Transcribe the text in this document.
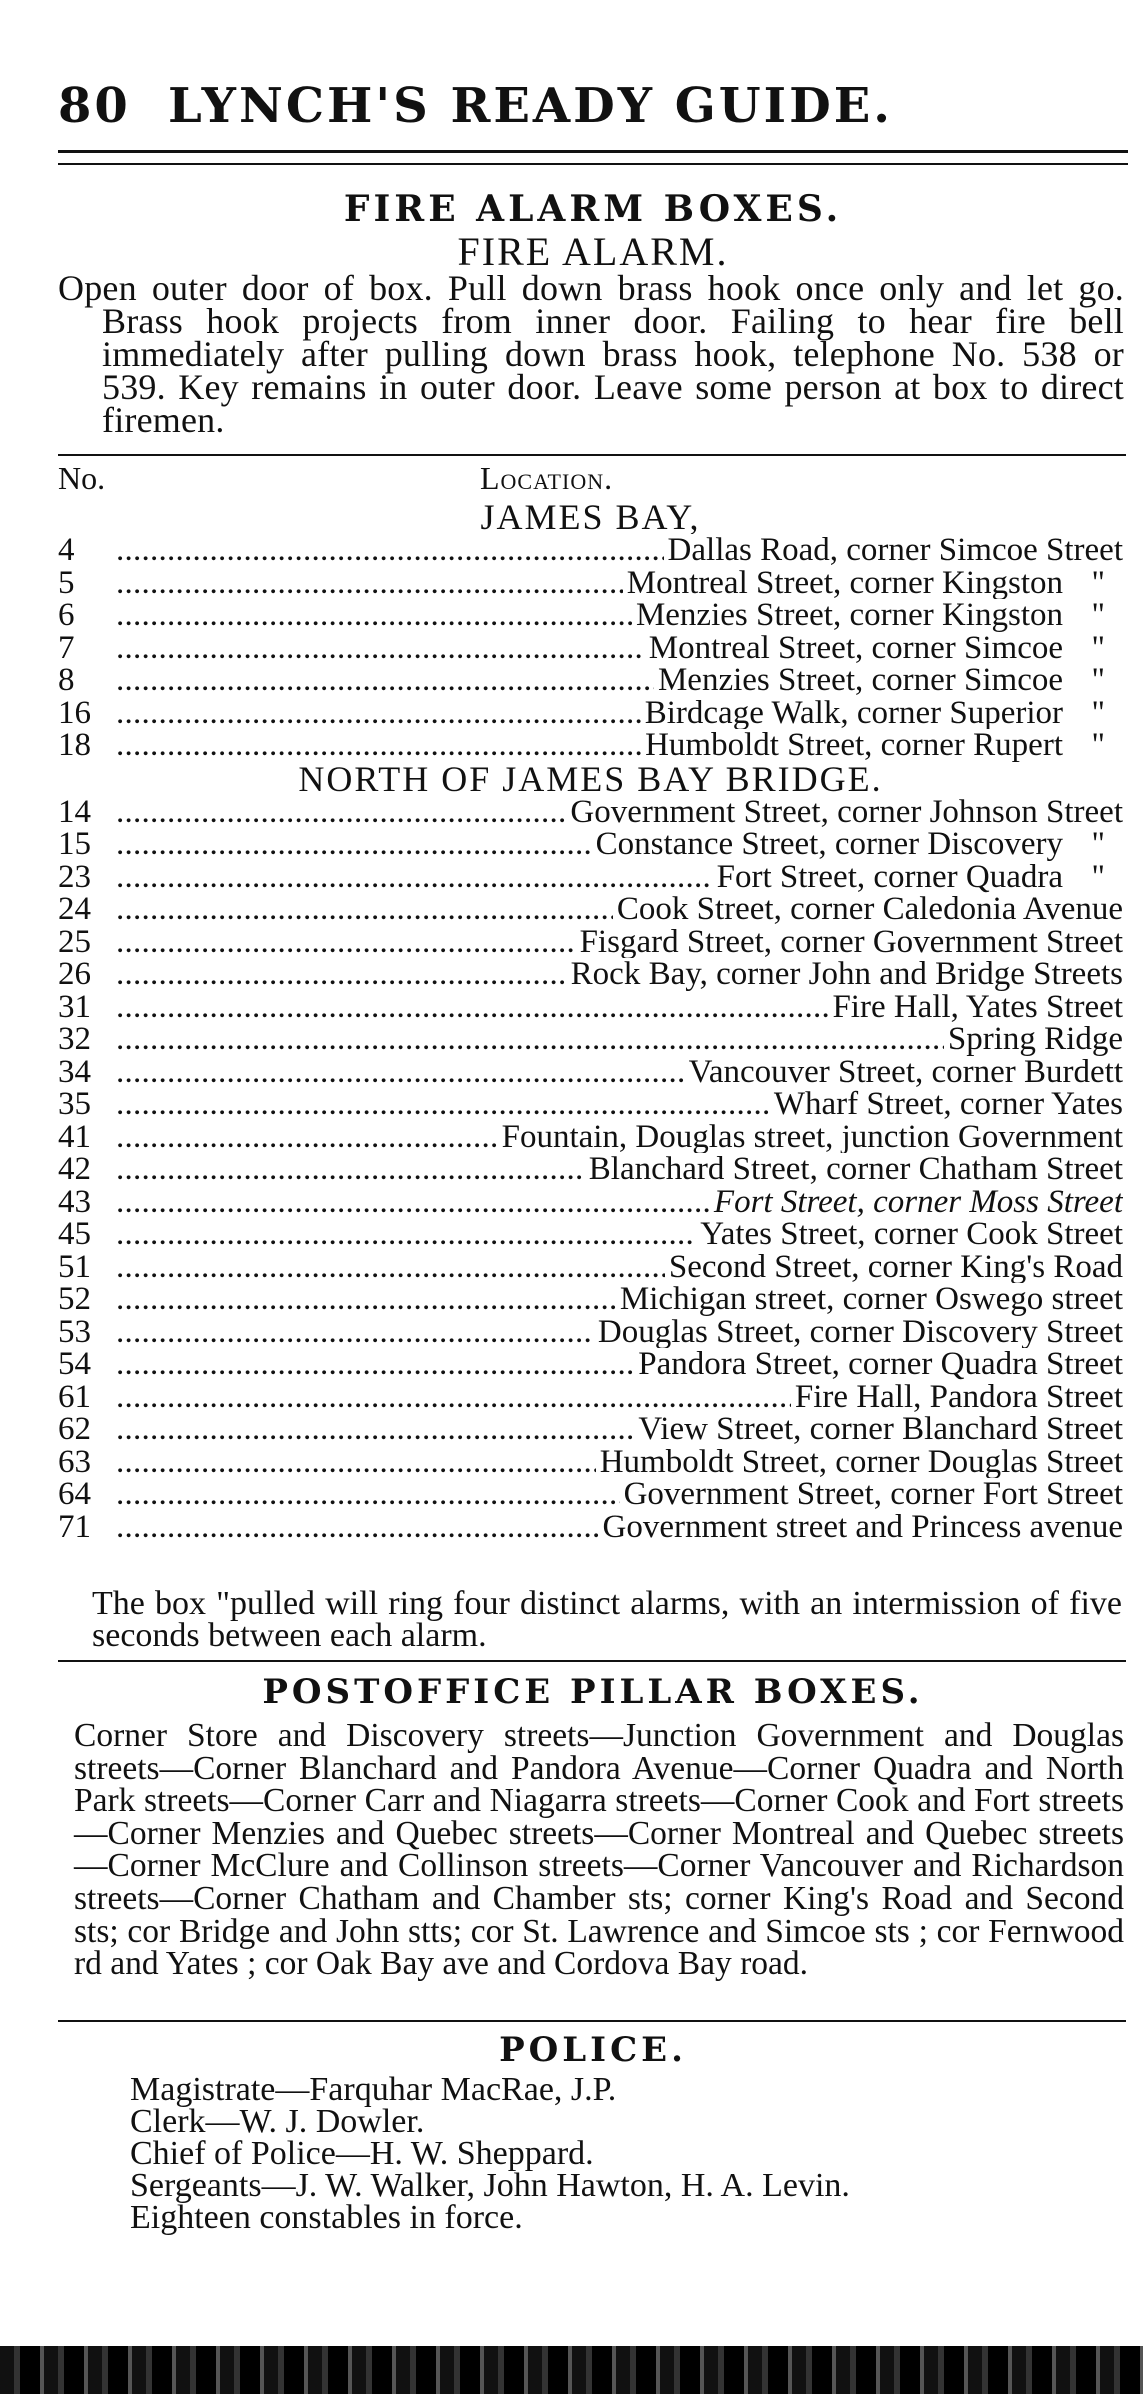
80 LYNCH'S READY GUIDE.
FIRE ALARM BOXES.
FIRE ALARM.
Open outer door of box. Pull down brass hook once only and let go. Brass hook projects from inner door. Failing to hear fire bell immediately after pulling down brass hook, telephone No. 538 or 539. Key remains in outer door. Leave some person at box to direct firemen.
No.	Location.
JAMES BAY,
4 . . .	Dallas Road, corner Simcoe Street
5 . . .	Montreal Street, corner Kingston "
6 . . .	Menzies Street, corner Kingston "
7 . . .	Montreal Street, corner Simcoe "
8 . . .	Menzies Street, corner Simcoe "
16 . . .	Birdcage Walk, corner Superior "
18 . . .	Humboldt Street, corner Rupert "
NORTH OF JAMES BAY BRIDGE.
14 . . .	Government Street, corner Johnson Street
15 . . .	Constance Street, corner Discovery "
23 . . .	Fort Street, corner Quadra "
24 . . .	Cook Street, corner Caledonia Avenue
25 . . .	Fisgard Street, corner Government Street
26 . . .	Rock Bay, corner John and Bridge Streets
31 . . .	Fire Hall, Yates Street
32 . . .	Spring Ridge
34 . . .	Vancouver Street, corner Burdett
35 . . .	Wharf Street, corner Yates
41 . . .	Fountain, Douglas street, junction Government
42 . . .	Blanchard Street, corner Chatham Street
43 . . .	Fort Street, corner Moss Street
45 . . .	Yates Street, corner Cook Street
51 . . .	Second Street, corner King's Road
52 . . .	Michigan street, corner Oswego street
53 . . .	Douglas Street, corner Discovery Street
54 . . .	Pandora Street, corner Quadra Street
61 . . .	Fire Hall, Pandora Street
62 . . .	View Street, corner Blanchard Street
63 . . .	Humboldt Street, corner Douglas Street
64 . . .	Government Street, corner Fort Street
71 . . .	Government street and Princess avenue
The box "pulled will ring four distinct alarms, with an intermission of five seconds between each alarm.
POSTOFFICE PILLAR BOXES.
Corner Store and Discovery streets—Junction Government and Douglas streets—Corner Blanchard and Pandora Avenue—Corner Quadra and North Park streets—Corner Carr and Niagarra streets—Corner Cook and Fort streets—Corner Menzies and Quebec streets—Corner Montreal and Quebec streets—Corner McClure and Collinson streets—Corner Vancouver and Richardson streets—Corner Chatham and Chamber sts; corner King's Road and Second sts; cor Bridge and John stts; cor St. Lawrence and Simcoe sts ; cor Fernwood rd and Yates ; cor Oak Bay ave and Cordova Bay road.
POLICE.
Magistrate—Farquhar MacRae, J.P.
Clerk—W. J. Dowler.
Chief of Police—H. W. Sheppard.
Sergeants—J. W. Walker, John Hawton, H. A. Levin.
Eighteen constables in force.
